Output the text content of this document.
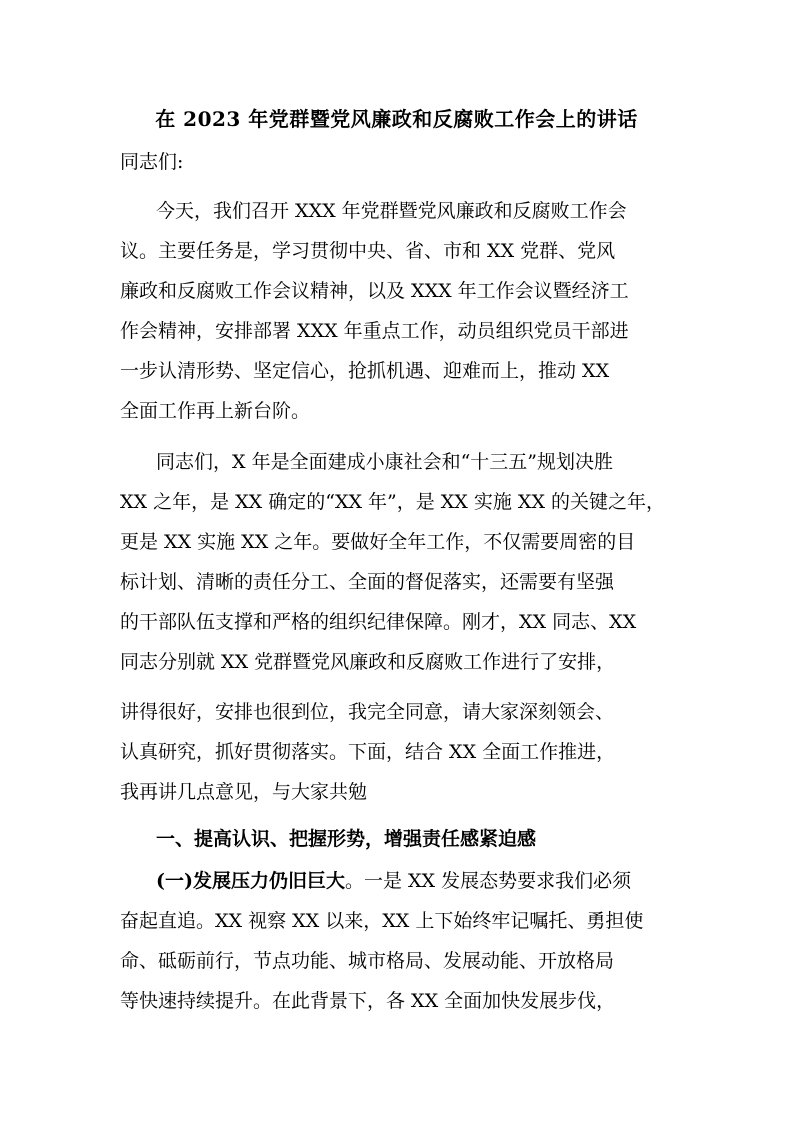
在 2023 年党群暨党风廉政和反腐败工作会上的讲话
同志们:
今天，我们召开 XXX 年党群暨党风廉政和反腐败工作会
议。主要任务是，学习贯彻中央、省、市和 XX 党群、党风
廉政和反腐败工作会议精神，以及 XXX 年工作会议暨经济工
作会精神，安排部署 XXX 年重点工作，动员组织党员干部进
一步认清形势、坚定信心，抢抓机遇、迎难而上，推动 XX
全面工作再上新台阶。
同志们，X 年是全面建成小康社会和“十三五”规划决胜
XX 之年，是 XX 确定的“XX 年”，是 XX 实施 XX 的关键之年，
更是 XX 实施 XX 之年。要做好全年工作，不仅需要周密的目
标计划、清晰的责任分工、全面的督促落实，还需要有坚强
的干部队伍支撑和严格的组织纪律保障。刚才，XX 同志、XX
同志分别就 XX 党群暨党风廉政和反腐败工作进行了安排，
讲得很好，安排也很到位，我完全同意，请大家深刻领会、
认真研究，抓好贯彻落实。下面，结合 XX 全面工作推进，
我再讲几点意见，与大家共勉
一、提高认识、把握形势，增强责任感紧迫感
(一)发展压力仍旧巨大。一是 XX 发展态势要求我们必须
奋起直追。XX 视察 XX 以来，XX 上下始终牢记嘱托、勇担使
命、砥砺前行，节点功能、城市格局、发展动能、开放格局
等快速持续提升。在此背景下，各 XX 全面加快发展步伐，
